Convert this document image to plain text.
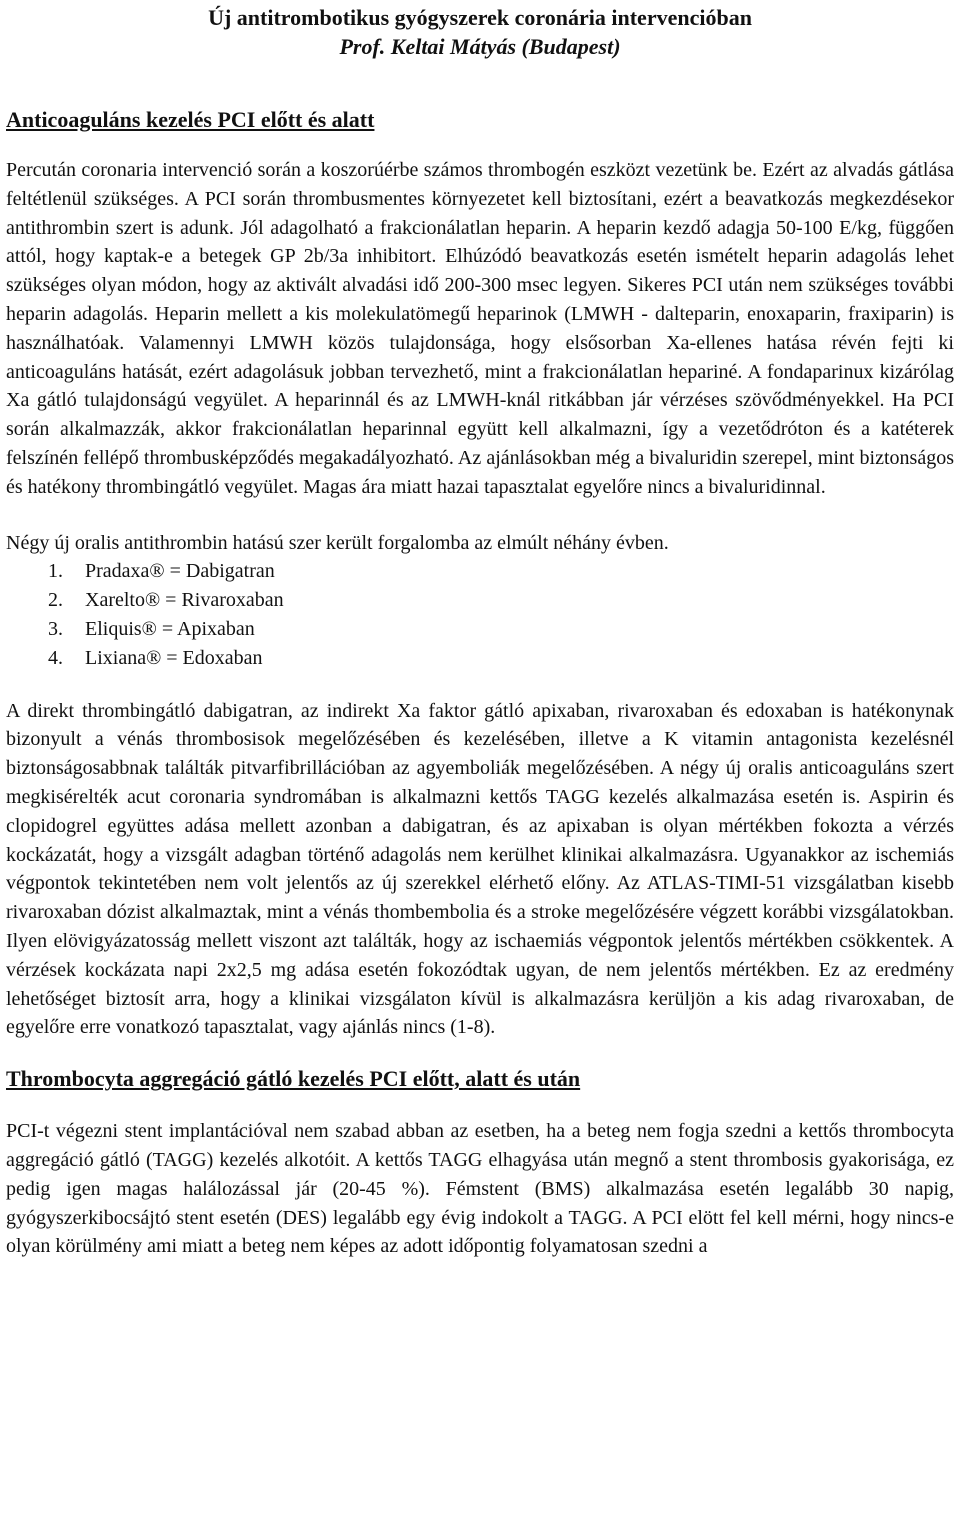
Új antitrombotikus gyógyszerek coronária intervencióban
Prof. Keltai Mátyás (Budapest)
Anticoaguláns kezelés PCI előtt és alatt

Percután coronaria intervenció során a koszorúérbe számos thrombogén eszközt vezetünk be. Ezért az alvadás gátlása feltétlenül szükséges. A PCI során thrombusmentes környezetet kell biztosítani, ezért a beavatkozás megkezdésekor antithrombin szert is adunk. Jól adagolható a frakcionálatlan heparin. A heparin kezdő adagja 50-100 E/kg, függően attól, hogy kaptak-e a betegek GP 2b/3a inhibitort. Elhúzódó beavatkozás esetén ismételt heparin adagolás lehet szükséges olyan módon, hogy az aktivált alvadási idő 200-300 msec legyen. Sikeres PCI után nem szükséges további heparin adagolás. Heparin mellett a kis molekulatömegű heparinok (LMWH - dalteparin, enoxaparin, fraxiparin) is használhatóak. Valamennyi LMWH közös tulajdonsága, hogy elsősorban Xa-ellenes hatása révén fejti ki anticoaguláns hatását, ezért adagolásuk jobban tervezhető, mint a frakcionálatlan hepariné. A fondaparinux kizárólag Xa gátló tulajdonságú vegyület. A heparinnál és az LMWH-knál ritkábban jár vérzéses szövődményekkel. Ha PCI során alkalmazzák, akkor frakcionálatlan heparinnal együtt kell alkalmazni, így a vezetődróton és a katéterek felszínén fellépő thrombusképződés megakadályozható. Az ajánlásokban még a bivaluridin szerepel, mint biztonságos és hatékony thrombingátló vegyület. Magas ára miatt hazai tapasztalat egyelőre nincs a bivaluridinnal.

Négy új oralis antithrombin hatású szer került forgalomba az elmúlt néhány évben.

1. Pradaxa® = Dabigatran
2. Xarelto® = Rivaroxaban
3. Eliquis® = Apixaban
4. Lixiana® = Edoxaban

A direkt thrombingátló dabigatran, az indirekt Xa faktor gátló apixaban, rivaroxaban és edoxaban is hatékonynak bizonyult a vénás thrombosisok megelőzésében és kezelésében, illetve a K vitamin antagonista kezelésnél biztonságosabbnak találták pitvarfibrillációban az agyemboliák megelőzésében. A négy új oralis anticoaguláns szert megkisérelték acut coronaria syndromában is alkalmazni kettős TAGG kezelés alkalmazása esetén is. Aspirin és clopidogrel együttes adása mellett azonban a dabigatran, és az apixaban is olyan mértékben fokozta a vérzés kockázatát, hogy a vizsgált adagban történő adagolás nem kerülhet klinikai alkalmazásra. Ugyanakkor az ischemiás végpontok tekintetében nem volt jelentős az új szerekkel elérhető előny. Az ATLAS-TIMI-51 vizsgálatban kisebb rivaroxaban dózist alkalmaztak, mint a vénás thombembolia és a stroke megelőzésére végzett korábbi vizsgálatokban. Ilyen elövigyázatosság mellett viszont azt találták, hogy az ischaemiás végpontok jelentős mértékben csökkentek. A vérzések kockázata napi 2x2,5 mg adása esetén fokozódtak ugyan, de nem jelentős mértékben. Ez az eredmény lehetőséget biztosít arra, hogy a klinikai vizsgálaton kívül is alkalmazásra kerüljön a kis adag rivaroxaban, de egyelőre erre vonatkozó tapasztalat, vagy ajánlás nincs (1-8).

Thrombocyta aggregáció gátló kezelés PCI előtt, alatt és után

PCI-t végezni stent implantációval nem szabad abban az esetben, ha a beteg nem fogja szedni a kettős thrombocyta aggregáció gátló (TAGG) kezelés alkotóit. A kettős TAGG elhagyása után megnő a stent thrombosis gyakorisága, ez pedig igen magas halálozással jár (20-45 %). Fémstent (BMS) alkalmazása esetén legalább 30 napig, gyógyszerkibocsájtó stent esetén (DES) legalább egy évig indokolt a TAGG. A PCI elött fel kell mérni, hogy nincs-e olyan körülmény ami miatt a beteg nem képes az adott időpontig folyamatosan szedni a
